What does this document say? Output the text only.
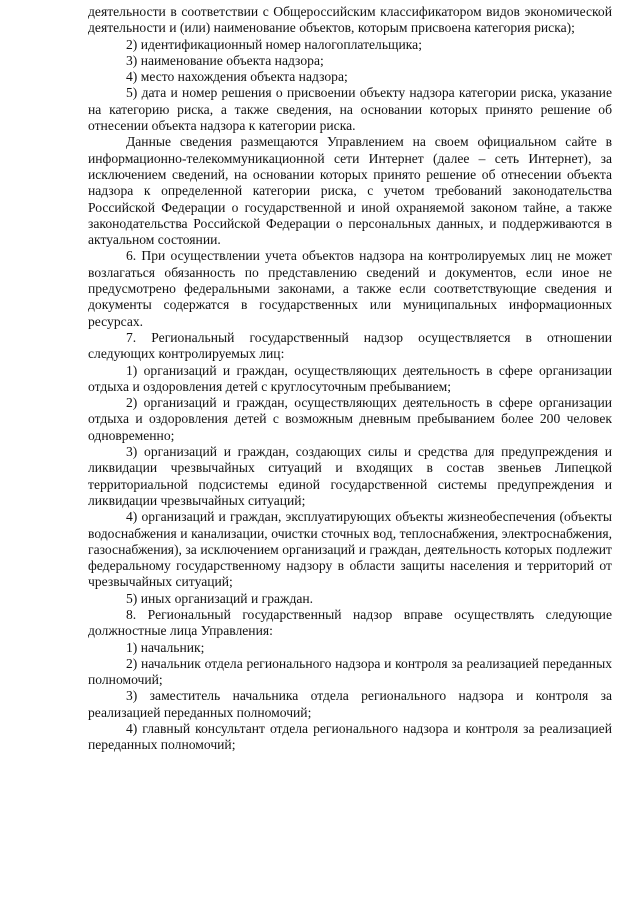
деятельности в соответствии с Общероссийским классификатором видов экономической деятельности и (или) наименование объектов, которым присвоена категория риска);

2) идентификационный номер налогоплательщика;

3) наименование объекта надзора;

4) место нахождения объекта надзора;

5) дата и номер решения о присвоении объекту надзора категории риска, указание на категорию риска, а также сведения, на основании которых принято решение об отнесении объекта надзора к категории риска.

Данные сведения размещаются Управлением на своем официальном сайте в информационно-телекоммуникационной сети Интернет (далее – сеть Интернет), за исключением сведений, на основании которых принято решение об отнесении объекта надзора к определенной категории риска, с учетом требований законодательства Российской Федерации о государственной и иной охраняемой законом тайне, а также законодательства Российской Федерации о персональных данных, и поддерживаются в актуальном состоянии.

6. При осуществлении учета объектов надзора на контролируемых лиц не может возлагаться обязанность по представлению сведений и документов, если иное не предусмотрено федеральными законами, а также если соответствующие сведения и документы содержатся в государственных или муниципальных информационных ресурсах.

7. Региональный государственный надзор осуществляется в отношении следующих контролируемых лиц:

1) организаций и граждан, осуществляющих деятельность в сфере организации отдыха и оздоровления детей с круглосуточным пребыванием;

2) организаций и граждан, осуществляющих деятельность в сфере организации отдыха и оздоровления детей с возможным дневным пребыванием более 200 человек одновременно;

3) организаций и граждан, создающих силы и средства для предупреждения и ликвидации чрезвычайных ситуаций и входящих в состав звеньев Липецкой территориальной подсистемы единой государственной системы предупреждения и ликвидации чрезвычайных ситуаций;

4) организаций и граждан, эксплуатирующих объекты жизнеобеспечения (объекты водоснабжения и канализации, очистки сточных вод, теплоснабжения, электроснабжения, газоснабжения), за исключением организаций и граждан, деятельность которых подлежит федеральному государственному надзору в области защиты населения и территорий от чрезвычайных ситуаций;

5) иных организаций и граждан.

8. Региональный государственный надзор вправе осуществлять следующие должностные лица Управления:

1) начальник;

2) начальник отдела регионального надзора и контроля за реализацией переданных полномочий;

3) заместитель начальника отдела регионального надзора и контроля за реализацией переданных полномочий;

4) главный консультант отдела регионального надзора и контроля за реализацией переданных полномочий;
